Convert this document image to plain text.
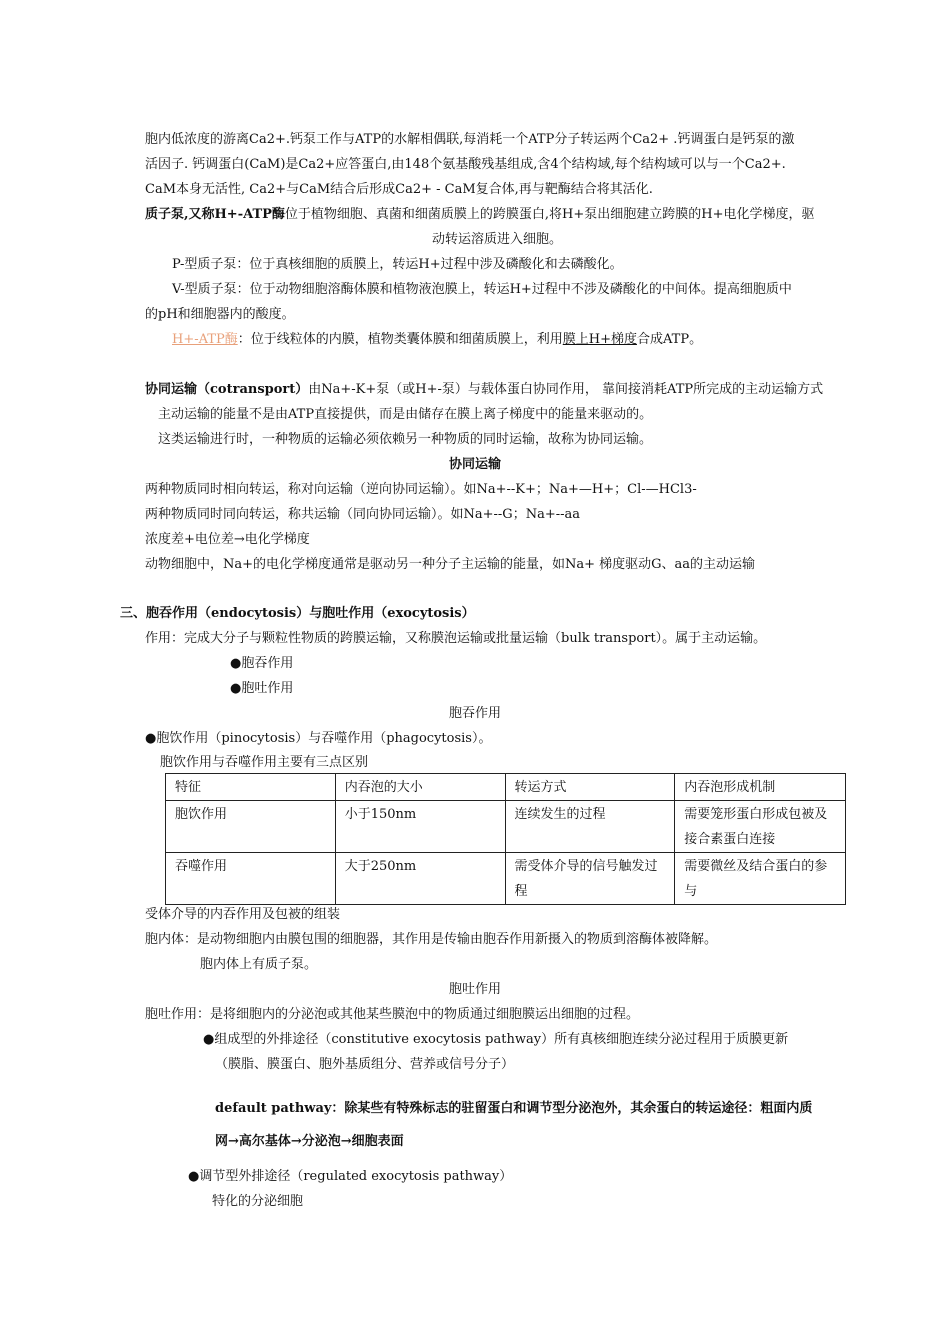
胞内低浓度的游离Ca2+.钙泵工作与ATP的水解相偶联,每消耗一个ATP分子转运两个Ca2+ .钙调蛋白是钙泵的激
活因子. 钙调蛋白(CaM)是Ca2+应答蛋白,由148个氨基酸残基组成,含4个结构域,每个结构域可以与一个Ca2+.
CaM本身无活性, Ca2+与CaM结合后形成Ca2+ - CaM复合体,再与靶酶结合将其活化.
质子泵,又称H+-ATP酶位于植物细胞、真菌和细菌质膜上的跨膜蛋白,将H+泵出细胞建立跨膜的H+电化学梯度，驱
动转运溶质进入细胞。
P-型质子泵：位于真核细胞的质膜上，转运H+过程中涉及磷酸化和去磷酸化。
V-型质子泵：位于动物细胞溶酶体膜和植物液泡膜上，转运H+过程中不涉及磷酸化的中间体。提高细胞质中
的pH和细胞器内的酸度。
H+-ATP酶：位于线粒体的内膜，植物类囊体膜和细菌质膜上，利用膜上H+梯度合成ATP。
协同运输（cotransport）由Na+-K+泵（或H+-泵）与载体蛋白协同作用， 靠间接消耗ATP所完成的主动运输方式
主动运输的能量不是由ATP直接提供，而是由储存在膜上离子梯度中的能量来驱动的。
这类运输进行时，一种物质的运输必须依赖另一种物质的同时运输，故称为协同运输。
协同运输
两种物质同时相向转运，称对向运输（逆向协同运输）。如Na+--K+；Na+—H+；Cl-—HCl3-
两种物质同时同向转运，称共运输（同向协同运输）。如Na+--G；Na+--aa
浓度差+电位差→电化学梯度
动物细胞中，Na+的电化学梯度通常是驱动另一种分子主运输的能量，如Na+ 梯度驱动G、aa的主动运输
三、胞吞作用（endocytosis）与胞吐作用（exocytosis）
作用：完成大分子与颗粒性物质的跨膜运输，又称膜泡运输或批量运输（bulk transport）。属于主动运输。
●胞吞作用
●胞吐作用
胞吞作用
●胞饮作用（pinocytosis）与吞噬作用（phagocytosis）。
胞饮作用与吞噬作用主要有三点区别
特征	内吞泡的大小	转运方式	内吞泡形成机制
胞饮作用	小于150nm	连续发生的过程	需要笼形蛋白形成包被及接合素蛋白连接
吞噬作用	大于250nm	需受体介导的信号触发过程	需要微丝及结合蛋白的参与
受体介导的内吞作用及包被的组装
胞内体：是动物细胞内由膜包围的细胞器，其作用是传输由胞吞作用新摄入的物质到溶酶体被降解。
胞内体上有质子泵。
胞吐作用
胞吐作用：是将细胞内的分泌泡或其他某些膜泡中的物质通过细胞膜运出细胞的过程。
●组成型的外排途径（constitutive exocytosis pathway）所有真核细胞连续分泌过程用于质膜更新
（膜脂、膜蛋白、胞外基质组分、营养或信号分子）
default pathway：除某些有特殊标志的驻留蛋白和调节型分泌泡外，其余蛋白的转运途径：粗面内质
网→高尔基体→分泌泡→细胞表面
●调节型外排途径（regulated exocytosis pathway）
特化的分泌细胞
